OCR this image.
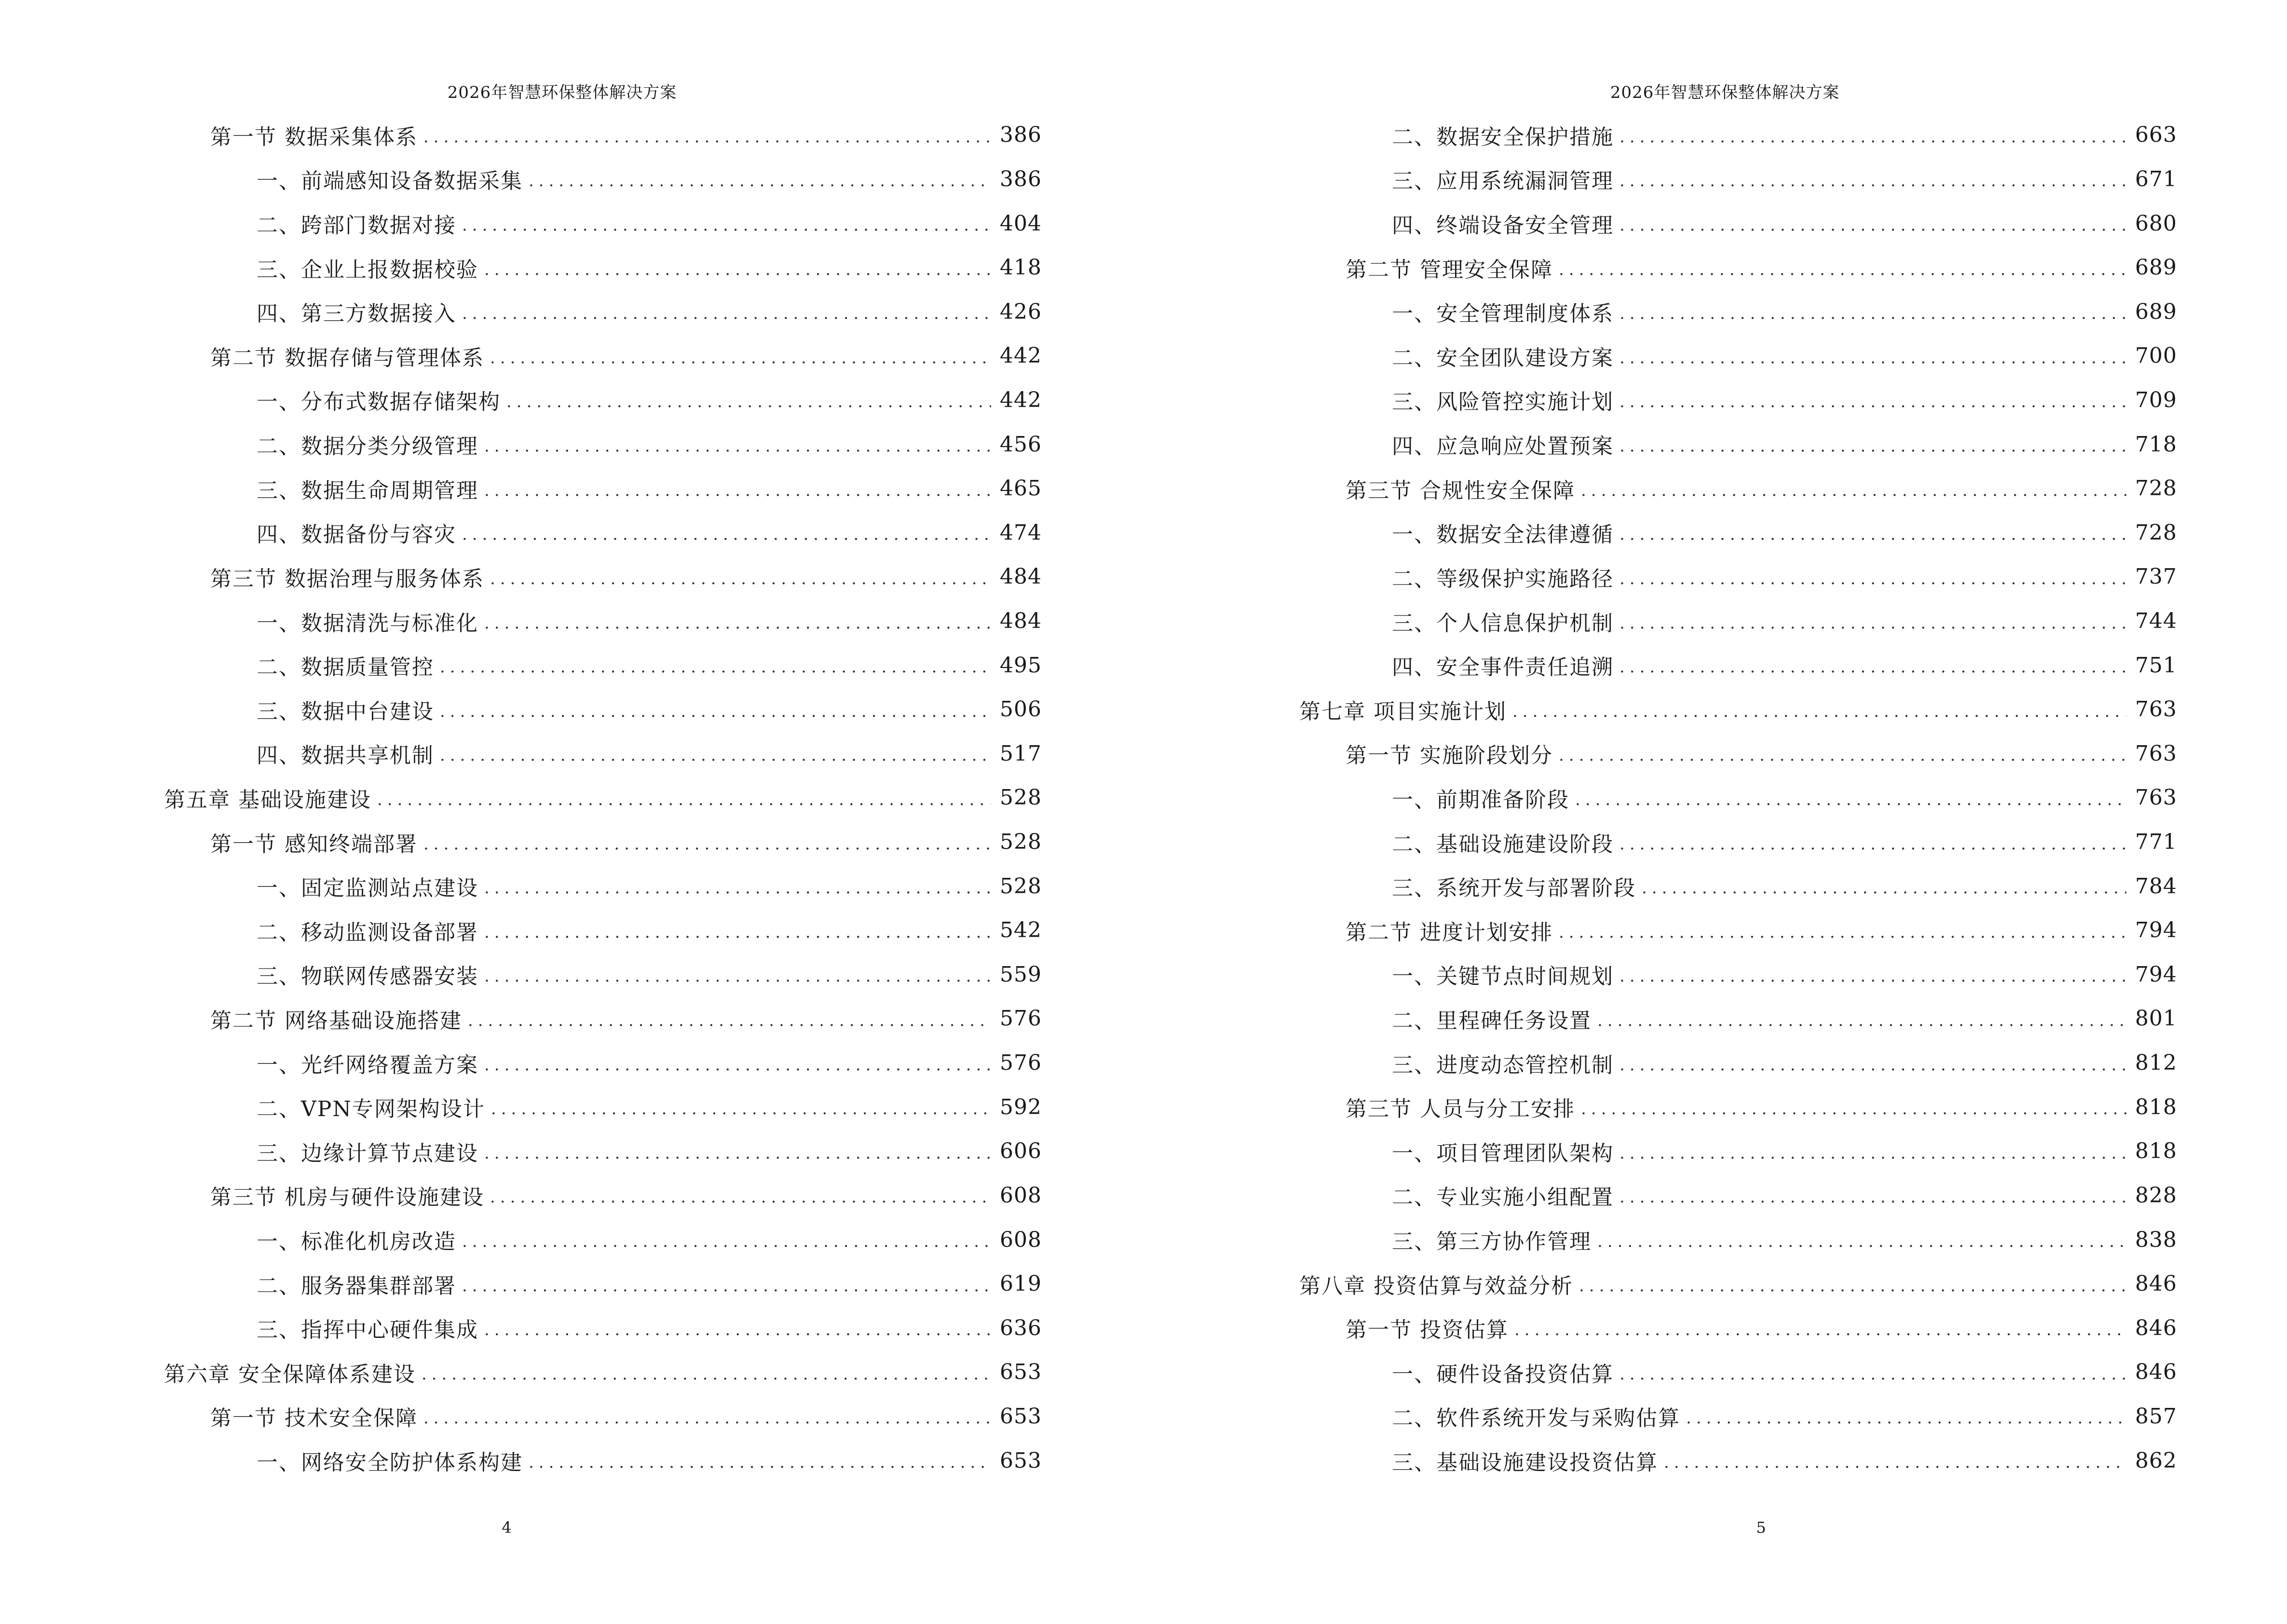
2026年智慧环保整体解决方案
第一节 数据采集体系 .....	386
一、前端感知设备数据采集 .....	386
二、跨部门数据对接 .....	404
三、企业上报数据校验 .....	418
四、第三方数据接入 .....	426
第二节 数据存储与管理体系 .....	442
一、分布式数据存储架构 .....	442
二、数据分类分级管理 .....	456
三、数据生命周期管理 .....	465
四、数据备份与容灾 .....	474
第三节 数据治理与服务体系 .....	484
一、数据清洗与标准化 .....	484
二、数据质量管控 .....	495
三、数据中台建设 .....	506
四、数据共享机制 .....	517
第五章 基础设施建设 .....	528
第一节 感知终端部署 .....	528
一、固定监测站点建设 .....	528
二、移动监测设备部署 .....	542
三、物联网传感器安装 .....	559
第二节 网络基础设施搭建 .....	576
一、光纤网络覆盖方案 .....	576
二、VPN专网架构设计 .....	592
三、边缘计算节点建设 .....	606
第三节 机房与硬件设施建设 .....	608
一、标准化机房改造 .....	608
二、服务器集群部署 .....	619
三、指挥中心硬件集成 .....	636
第六章 安全保障体系建设 .....	653
第一节 技术安全保障 .....	653
一、网络安全防护体系构建 .....	653
4
2026年智慧环保整体解决方案
二、数据安全保护措施 .....	663
三、应用系统漏洞管理 .....	671
四、终端设备安全管理 .....	680
第二节 管理安全保障 .....	689
一、安全管理制度体系 .....	689
二、安全团队建设方案 .....	700
三、风险管控实施计划 .....	709
四、应急响应处置预案 .....	718
第三节 合规性安全保障 .....	728
一、数据安全法律遵循 .....	728
二、等级保护实施路径 .....	737
三、个人信息保护机制 .....	744
四、安全事件责任追溯 .....	751
第七章 项目实施计划 .....	763
第一节 实施阶段划分 .....	763
一、前期准备阶段 .....	763
二、基础设施建设阶段 .....	771
三、系统开发与部署阶段 .....	784
第二节 进度计划安排 .....	794
一、关键节点时间规划 .....	794
二、里程碑任务设置 .....	801
三、进度动态管控机制 .....	812
第三节 人员与分工安排 .....	818
一、项目管理团队架构 .....	818
二、专业实施小组配置 .....	828
三、第三方协作管理 .....	838
第八章 投资估算与效益分析 .....	846
第一节 投资估算 .....	846
一、硬件设备投资估算 .....	846
二、软件系统开发与采购估算 .....	857
三、基础设施建设投资估算 .....	862
5
